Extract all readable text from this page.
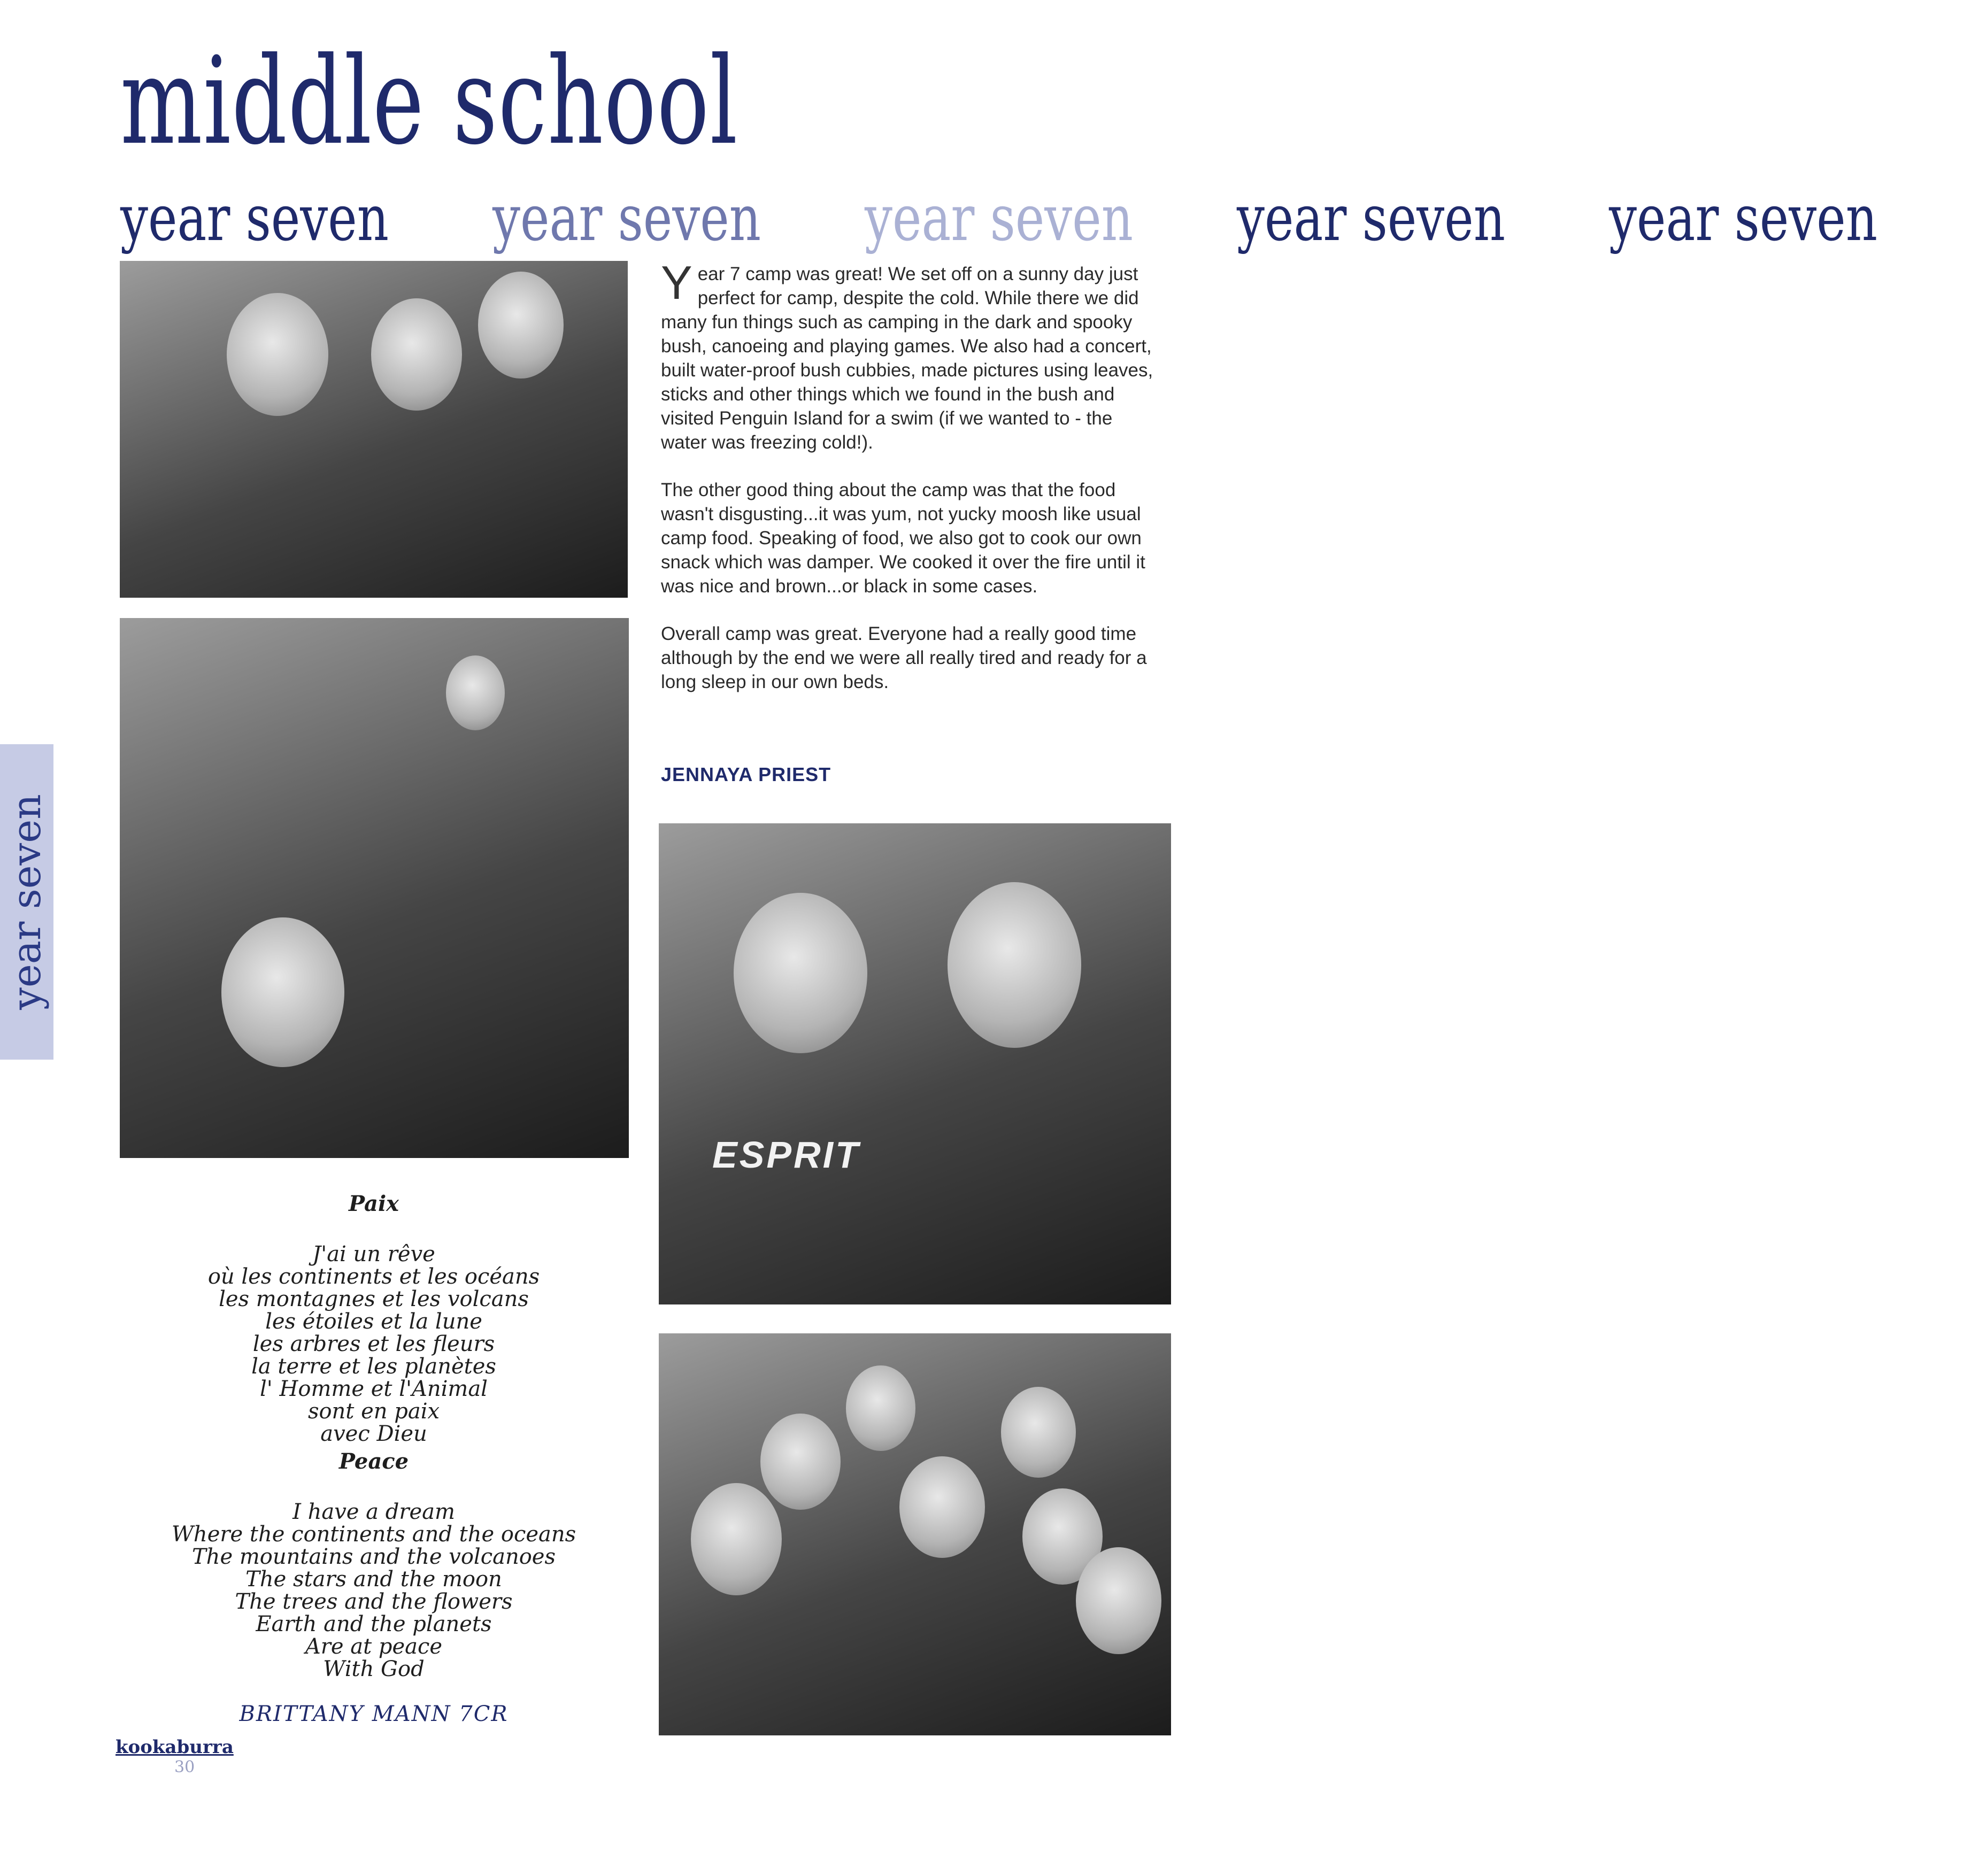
middle school
year seven year seven year seven year seven year seven
year seven
ESPRIT

Year 7 camp was great! We set off on a sunny day just perfect for camp, despite the cold. While there we did many fun things such as camping in the dark and spooky bush, canoeing and playing games. We also had a concert, built water-proof bush cubbies, made pictures using leaves, sticks and other things which we found in the bush and visited Penguin Island for a swim (if we wanted to - the water was freezing cold!).

The other good thing about the camp was that the food wasn't disgusting...it was yum, not yucky moosh like usual camp food. Speaking of food, we also got to cook our own snack which was damper. We cooked it over the fire until it was nice and brown...or black in some cases.

Overall camp was great. Everyone had a really good time although by the end we were all really tired and ready for a long sleep in our own beds.

JENNAYA PRIEST
Paix
J'ai un rêve
où les continents et les océans
les montagnes et les volcans
les étoiles et la lune
les arbres et les fleurs
la terre et les planètes
l' Homme et l'Animal
sont en paix
avec Dieu
Peace
I have a dream
Where the continents and the oceans
The mountains and the volcanoes
The stars and the moon
The trees and the flowers
Earth and the planets
Are at peace
With God
BRITTANY MANN 7CR
kookaburra
30
